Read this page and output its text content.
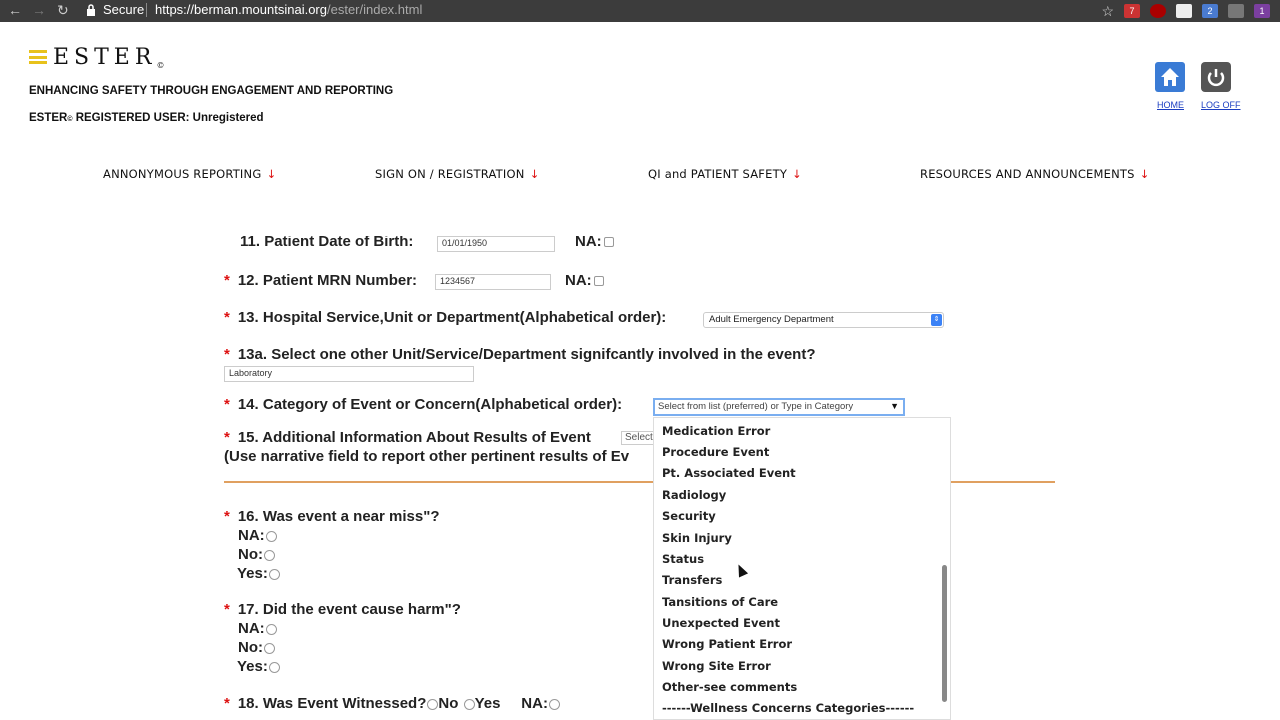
← → ↻	Secure https://berman.mountsinai.org/ester/index.html	☆	7	2	1
ESTER©
ENHANCING SAFETY THROUGH ENGAGEMENT AND REPORTING
ESTER© REGISTERED USER: Unregistered
HOME LOG OFF
ANNONYMOUS REPORTING ↓	SIGN ON / REGISTRATION ↓	QI and PATIENT SAFETY ↓	RESOURCES AND ANNOUNCEMENTS ↓
11. Patient Date of Birth:	01/01/1950	NA:
* 12. Patient MRN Number:	1234567	NA:
* 13. Hospital Service,Unit or Department(Alphabetical order):	Adult Emergency Department	⇕
* 13a. Select one other Unit/Service/Department signifcantly involved in the event?
Laboratory
* 14. Category of Event or Concern(Alphabetical order):	Select from list (preferred) or Type in Category	▼
* 15. Additional Information About Results of Event	Select
(Use narrative field to report other pertinent results of Ev
* 16. Was event a near miss"?
NA:
No:
Yes:
* 17. Did the event cause harm"?
NA:
No:
Yes:
* 18. Was Event Witnessed? No Yes NA:
Medication Error
Procedure Event
Pt. Associated Event
Radiology
Security
Skin Injury
Status
Transfers
Tansitions of Care
Unexpected Event
Wrong Patient Error
Wrong Site Error
Other-see comments
------Wellness Concerns Categories------
